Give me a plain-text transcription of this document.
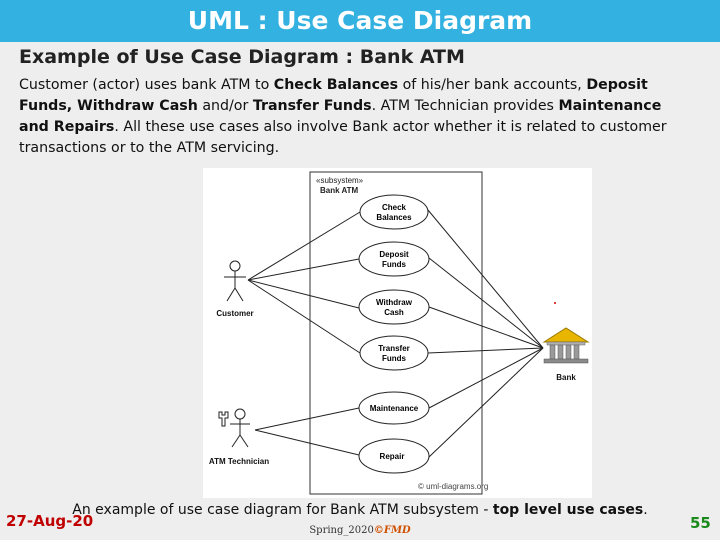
UML : Use Case Diagram
Example of Use Case Diagram : Bank ATM

Customer (actor) uses bank ATM to Check Balances of his/her bank accounts, Deposit Funds, Withdraw Cash and/or Transfer Funds. ATM Technician provides Maintenance and Repairs. All these use cases also involve Bank actor whether it is related to customer transactions or to the ATM servicing.

«subsystem»
Bank ATM
Check
Balances
Deposit
Funds
Withdraw
Cash
Transfer
Funds
Maintenance
Repair
Customer
ATM Technician
Bank
© uml-diagrams.org
An example of use case diagram for Bank ATM subsystem - top level use cases.
27-Aug-20	55
Spring_2020©FMD
